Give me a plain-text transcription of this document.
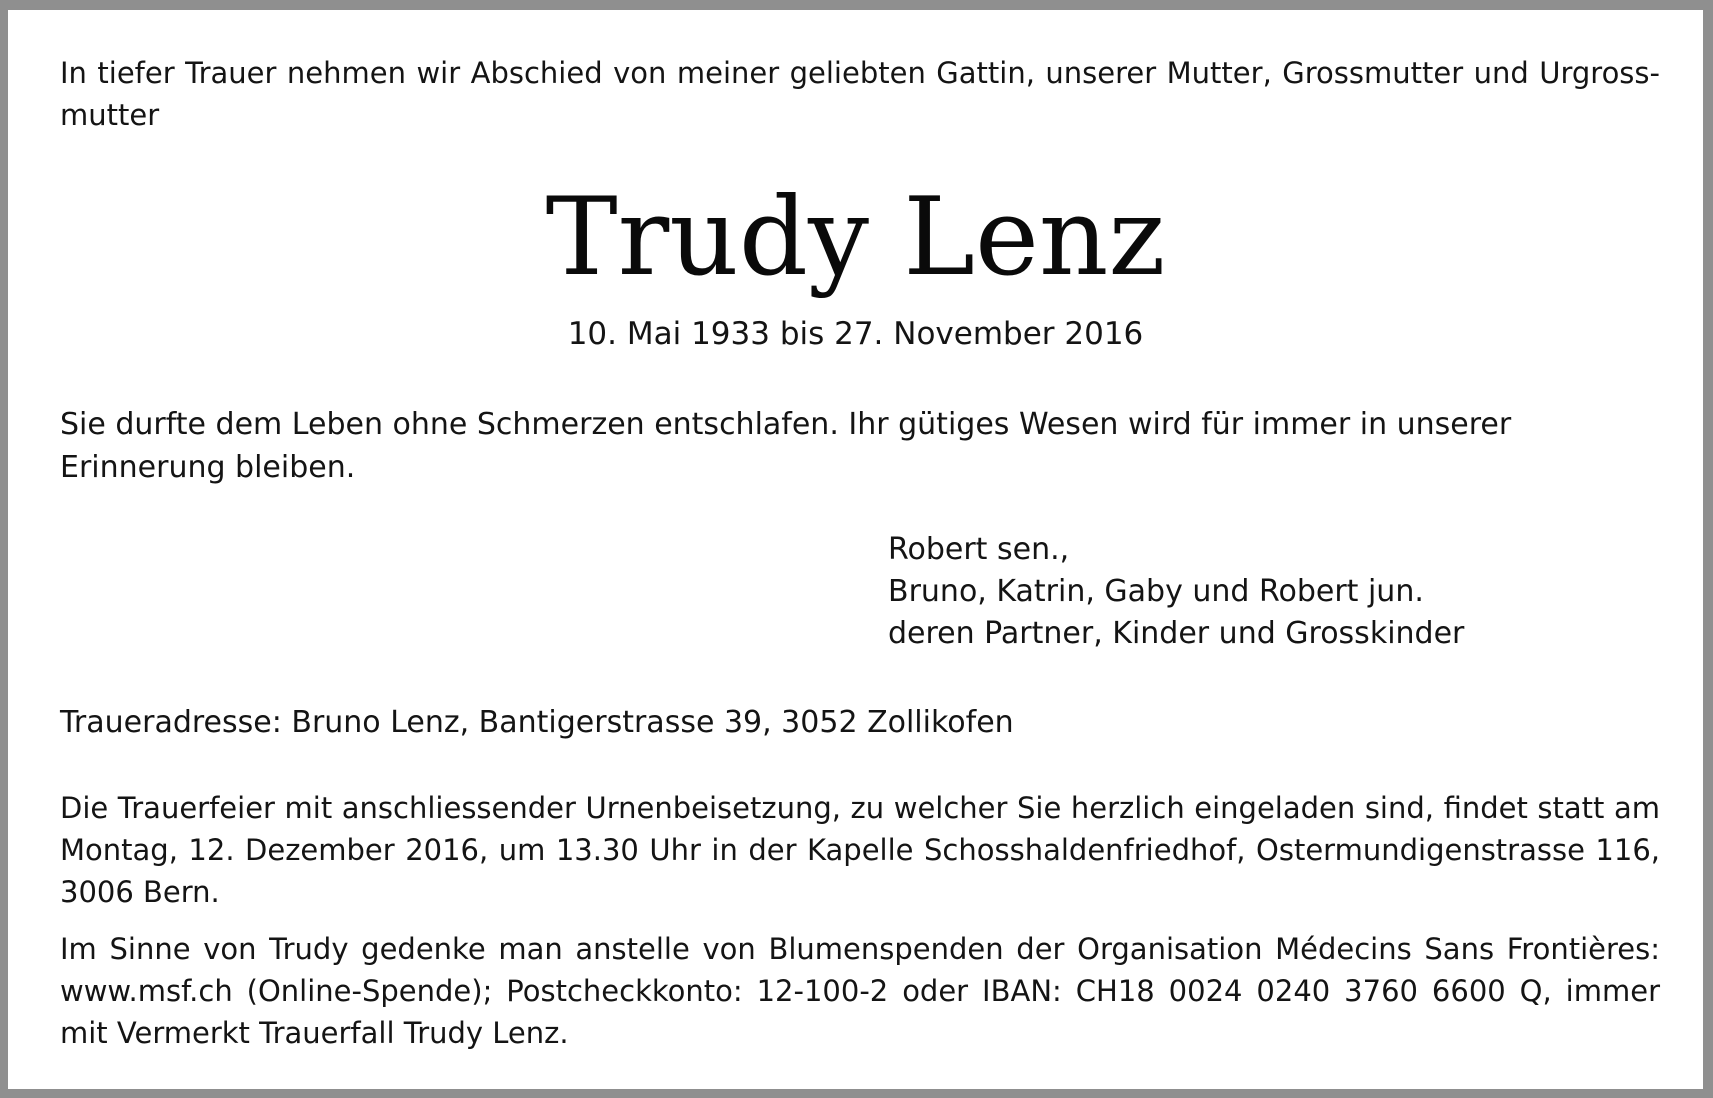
In tiefer Trauer nehmen wir Abschied von meiner geliebten Gattin, unserer Mutter, Grossmutter und Urgross-mutter

Trudy Lenz

10. Mai 1933 bis 27. November 2016

Sie durfte dem Leben ohne Schmerzen entschlafen. Ihr gütiges Wesen wird für immer in unserer Erinnerung bleiben.

Robert sen.,
Bruno, Katrin, Gaby und Robert jun.
deren Partner, Kinder und Grosskinder

Traueradresse: Bruno Lenz, Bantigerstrasse 39, 3052 Zollikofen

Die Trauerfeier mit anschliessender Urnenbeisetzung, zu welcher Sie herzlich eingeladen sind, findet statt am Montag, 12. Dezember 2016, um 13.30 Uhr in der Kapelle Schosshaldenfriedhof, Ostermundigenstrasse 116, 3006 Bern.

Im Sinne von Trudy gedenke man anstelle von Blumenspenden der Organisation Médecins Sans Frontières: www.msf.ch (Online-Spende); Postcheckkonto: 12-100-2 oder IBAN: CH18 0024 0240 3760 6600 Q, immer mit Vermerkt Trauerfall Trudy Lenz.
